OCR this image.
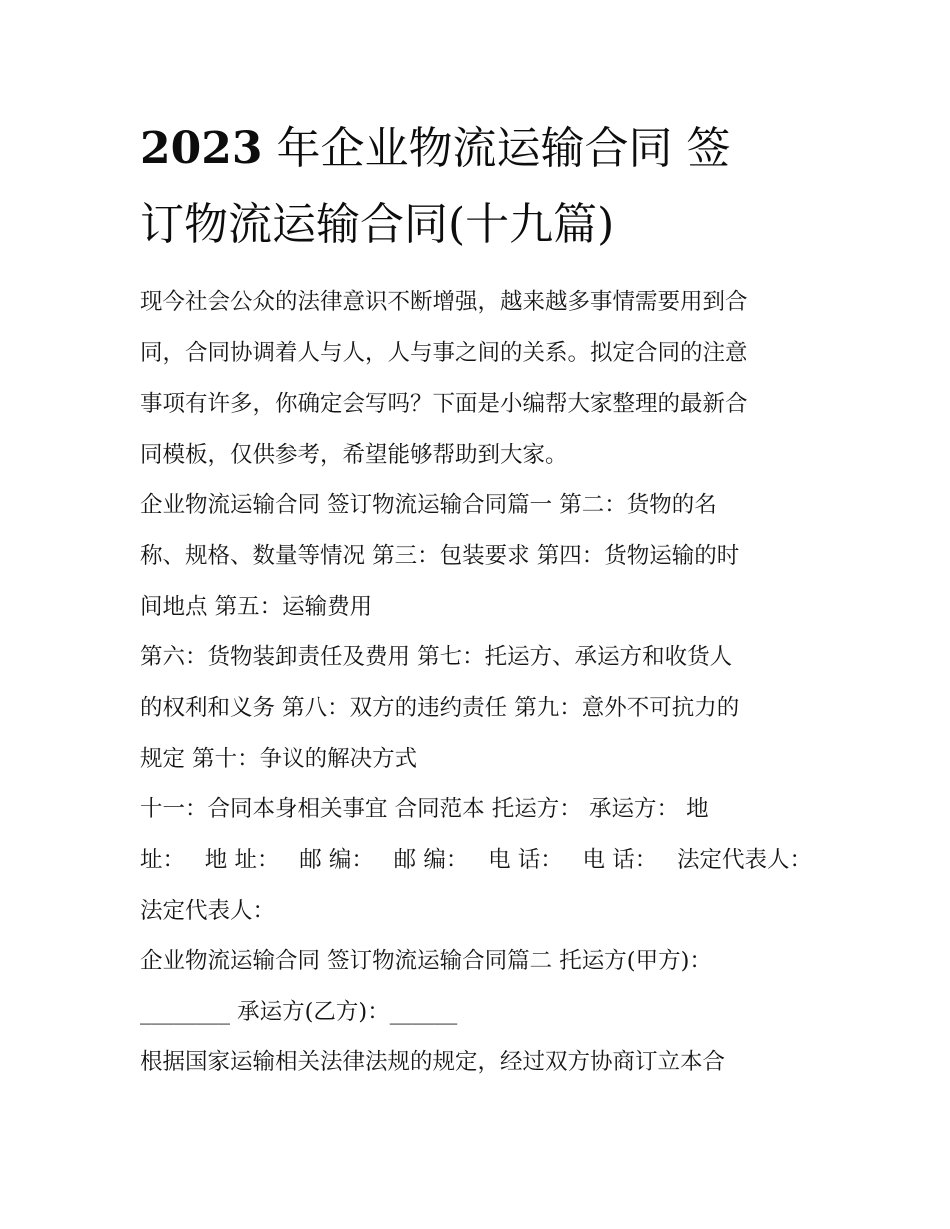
2023 年企业物流运输合同 签
订物流运输合同(十九篇)
现今社会公众的法律意识不断增强，越来越多事情需要用到合
同，合同协调着人与人，人与事之间的关系。拟定合同的注意
事项有许多，你确定会写吗？下面是小编帮大家整理的最新合
同模板，仅供参考，希望能够帮助到大家。
企业物流运输合同 签订物流运输合同篇一 第二：货物的名
称、规格、数量等情况 第三：包装要求 第四：货物运输的时
间地点 第五：运输费用
第六：货物装卸责任及费用 第七：托运方、承运方和收货人
的权利和义务 第八：双方的违约责任 第九：意外不可抗力的
规定 第十：争议的解决方式
十一：合同本身相关事宜 合同范本 托运方： 承运方： 地
址： 地 址： 邮 编： 邮 编： 电 话： 电 话： 法定代表人：
法定代表人：
企业物流运输合同 签订物流运输合同篇二 托运方(甲方)：
________ 承运方(乙方)：______
根据国家运输相关法律法规的规定，经过双方协商订立本合
